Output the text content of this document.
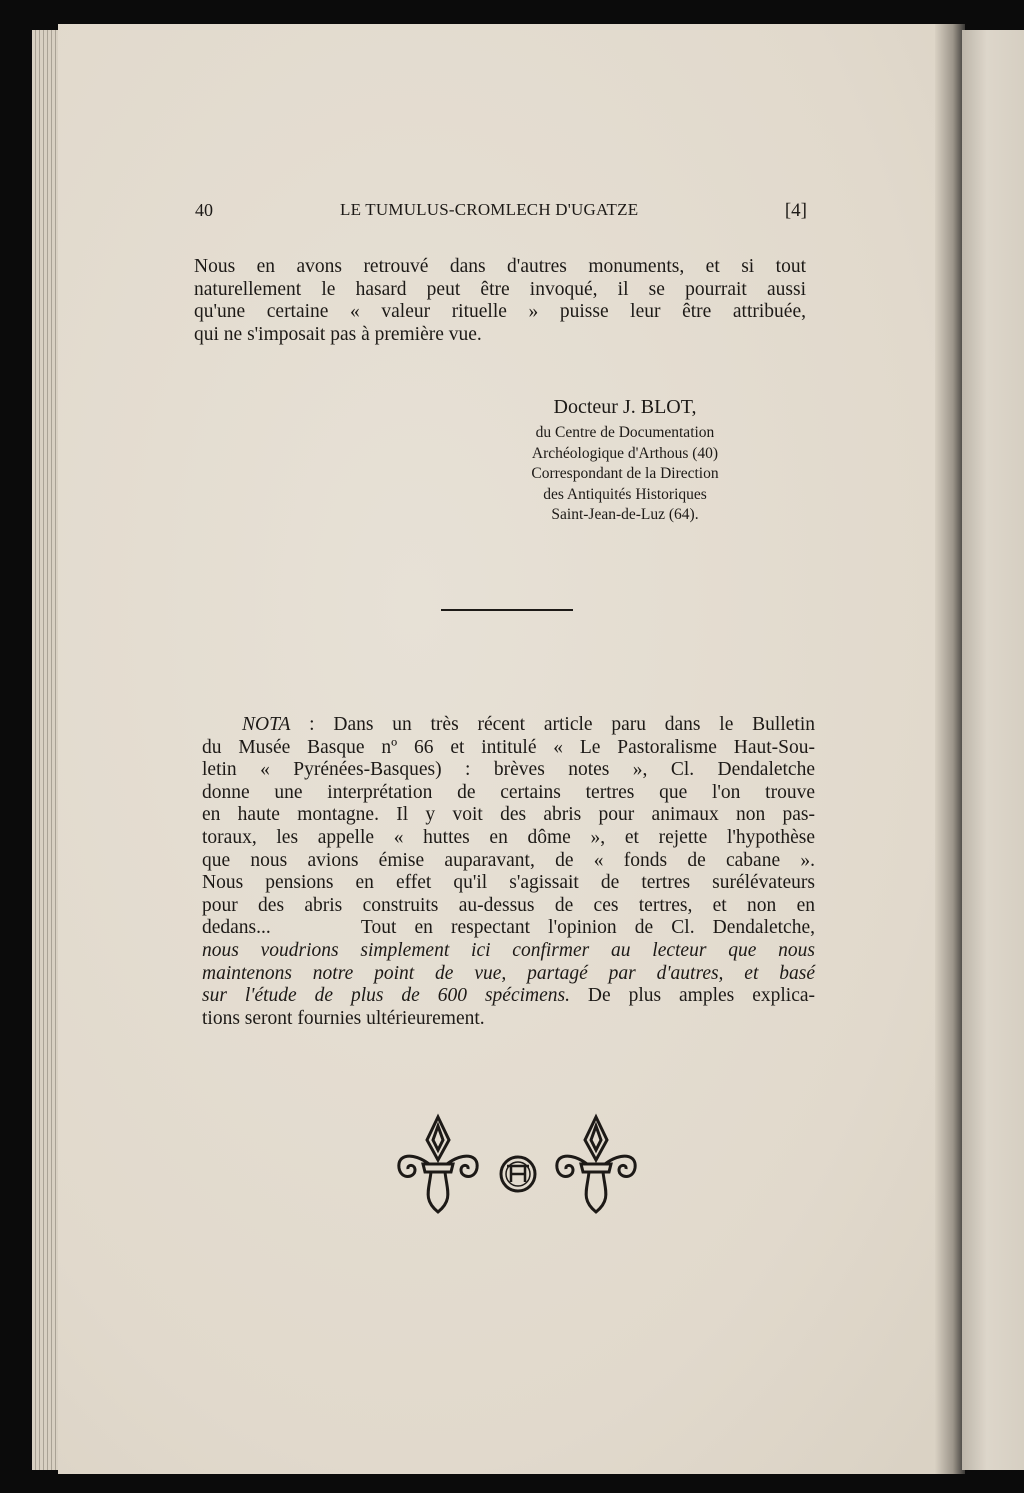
40	LE TUMULUS-CROMLECH D'UGATZE	[4]
Nous en avons retrouvé dans d'autres monuments, et si tout
naturellement le hasard peut être invoqué, il se pourrait aussi
qu'une certaine « valeur rituelle » puisse leur être attribuée,
qui ne s'imposait pas à première vue.
Docteur J. BLOT,
du Centre de Documentation
Archéologique d'Arthous (40)
Correspondant de la Direction
des Antiquités Historiques
Saint-Jean-de-Luz (64).
NOTA : Dans un très récent article paru dans le Bulletin
du Musée Basque nº 66 et intitulé « Le Pastoralisme Haut-Sou-
letin « Pyrénées-Basques) : brèves notes », Cl. Dendaletche
donne une interprétation de certains tertres que l'on trouve
en haute montagne. Il y voit des abris pour animaux non pas-
toraux, les appelle « huttes en dôme », et rejette l'hypothèse
que nous avions émise auparavant, de « fonds de cabane ».
Nous pensions en effet qu'il s'agissait de tertres surélévateurs
pour des abris construits au-dessus de ces tertres, et non en
dedans...     Tout en respectant l'opinion de Cl. Dendaletche,
nous voudrions simplement ici confirmer au lecteur que nous
maintenons notre point de vue, partagé par d'autres, et basé
sur l'étude de plus de 600 spécimens. De plus amples explica-
tions seront fournies ultérieurement.
